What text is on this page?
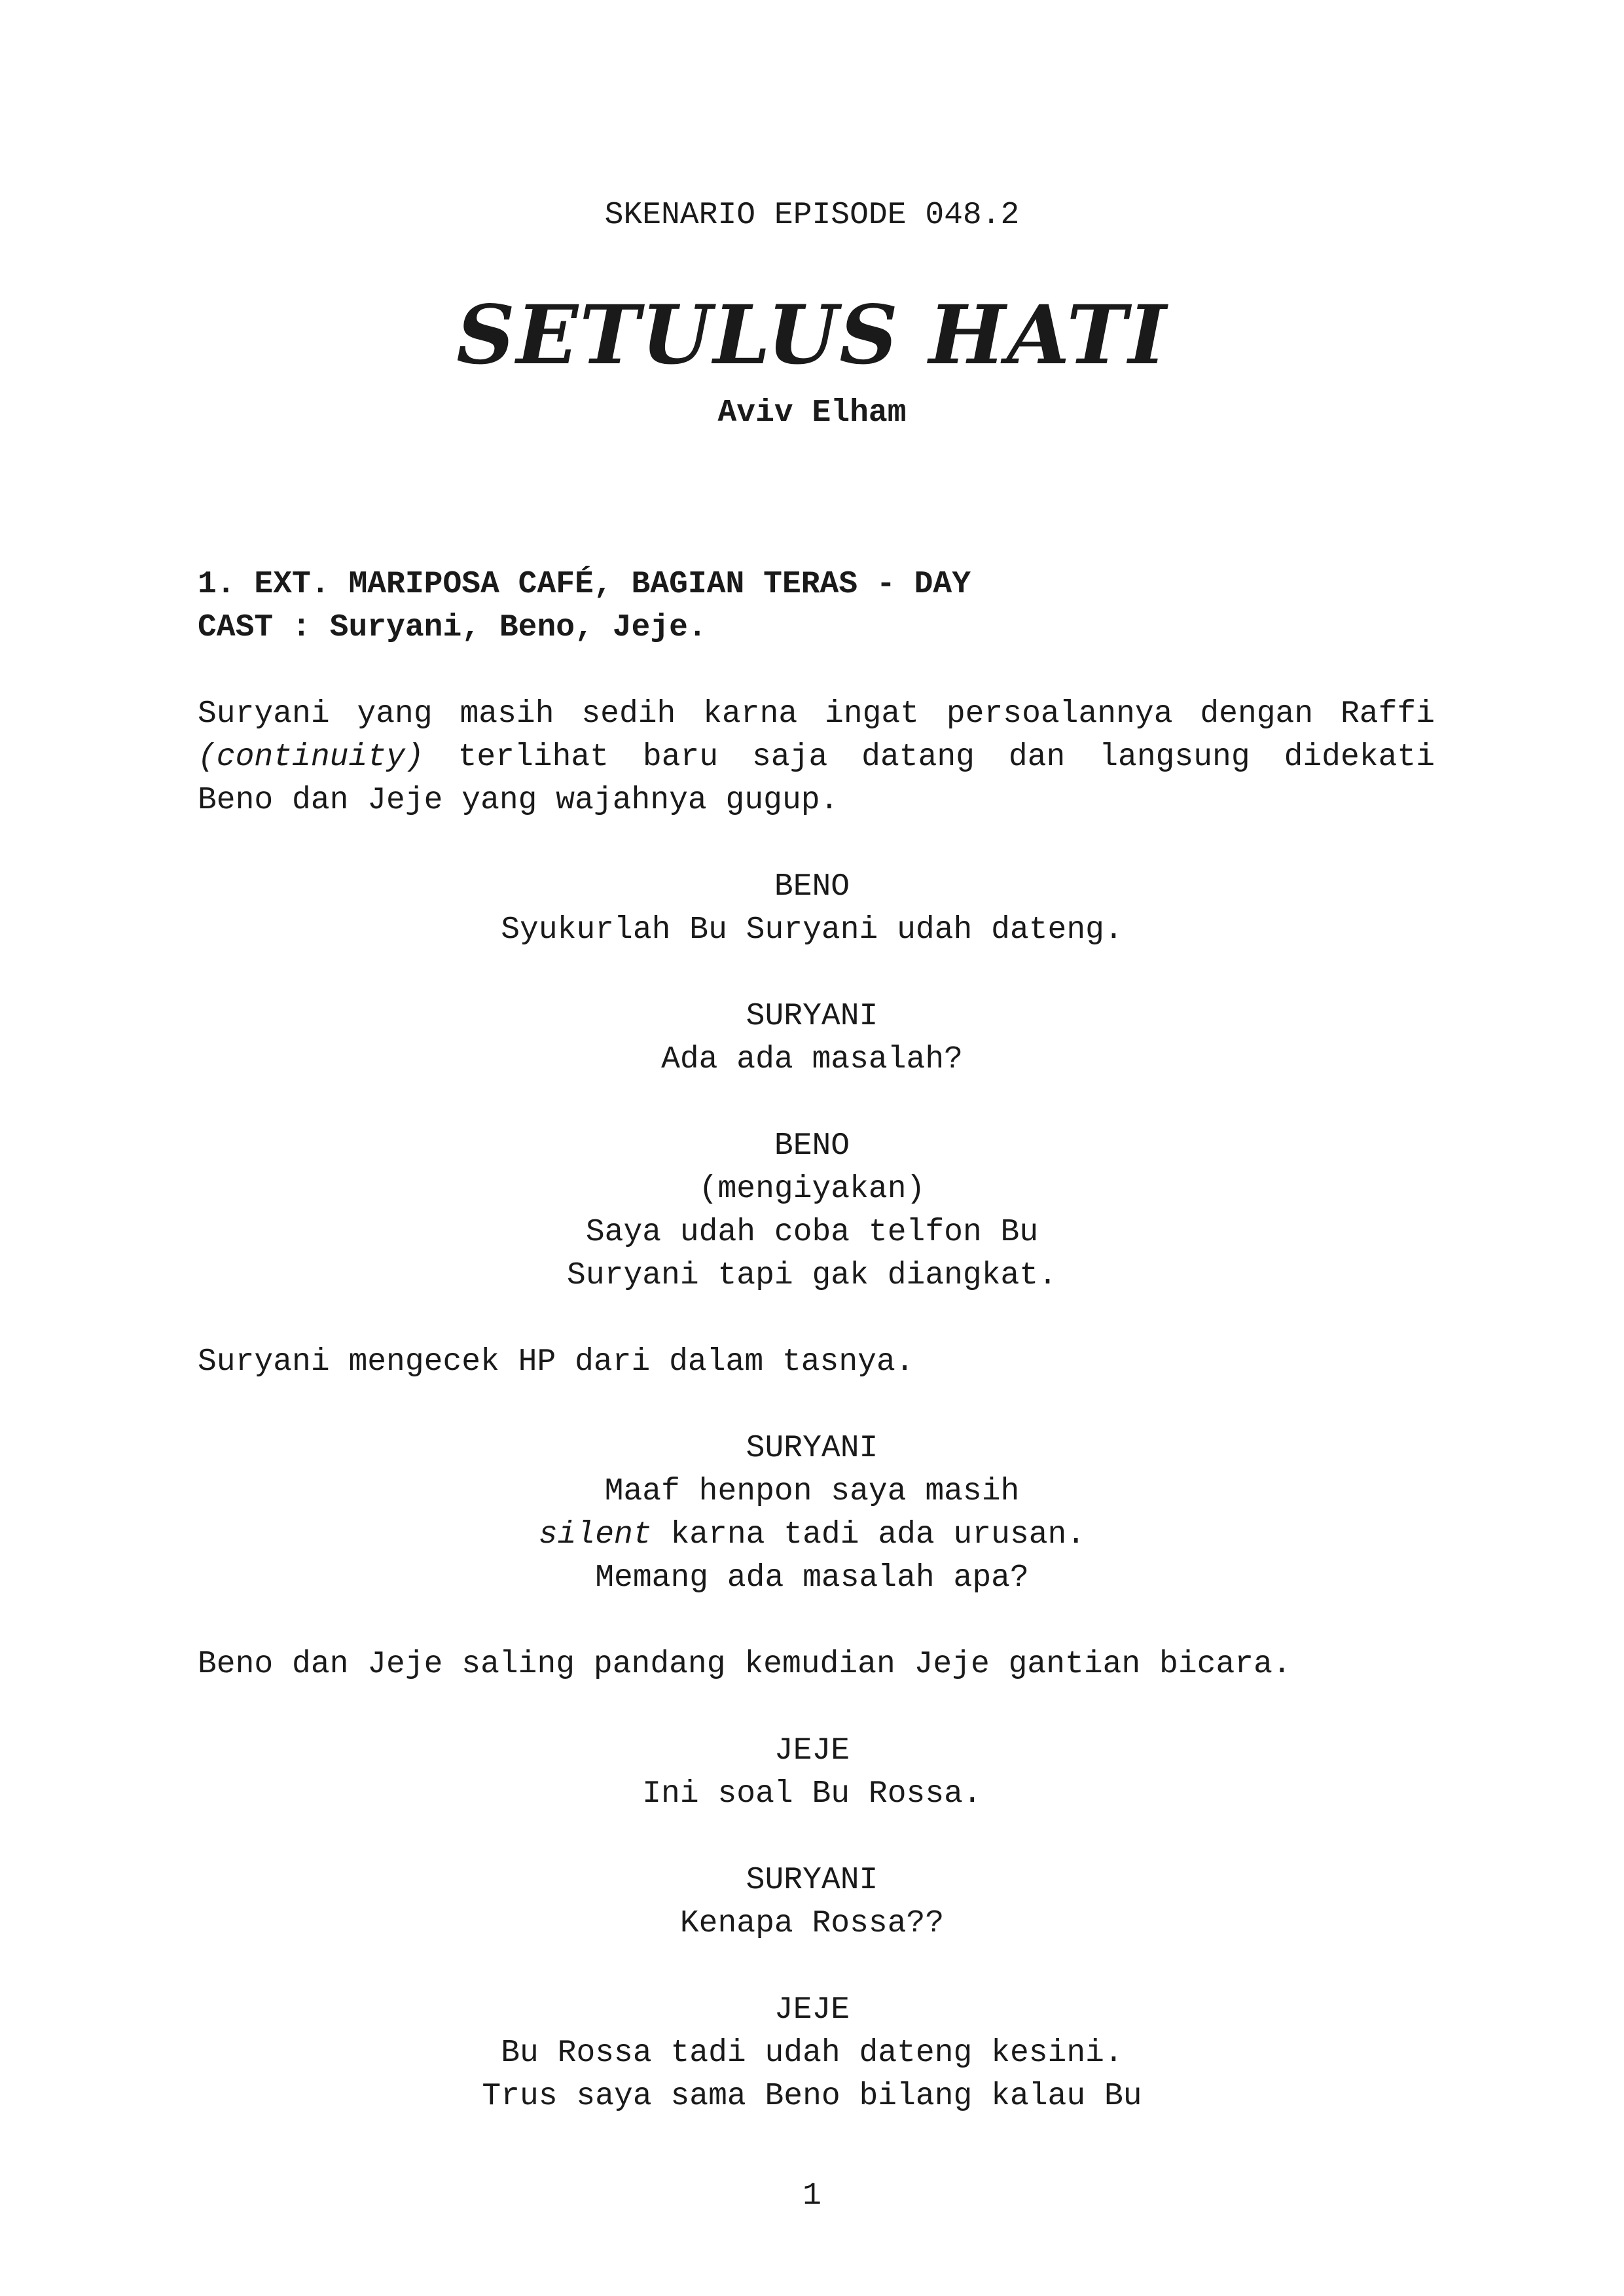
SKENARIO EPISODE 048.2
SETULUS HATI
Aviv Elham
1. EXT. MARIPOSA CAFÉ, BAGIAN TERAS - DAY
CAST : Suryani, Beno, Jeje.
Suryani yang masih sedih karna ingat persoalannya dengan Raffi
(continuity) terlihat baru saja datang dan langsung didekati
Beno dan Jeje yang wajahnya gugup.
BENO
Syukurlah Bu Suryani udah dateng.
SURYANI
Ada ada masalah?
BENO
(mengiyakan)
Saya udah coba telfon Bu
Suryani tapi gak diangkat.
Suryani mengecek HP dari dalam tasnya.
SURYANI
Maaf henpon saya masih
silent karna tadi ada urusan.
Memang ada masalah apa?
Beno dan Jeje saling pandang kemudian Jeje gantian bicara.
JEJE
Ini soal Bu Rossa.
SURYANI
Kenapa Rossa??
JEJE
Bu Rossa tadi udah dateng kesini.
Trus saya sama Beno bilang kalau Bu
1
